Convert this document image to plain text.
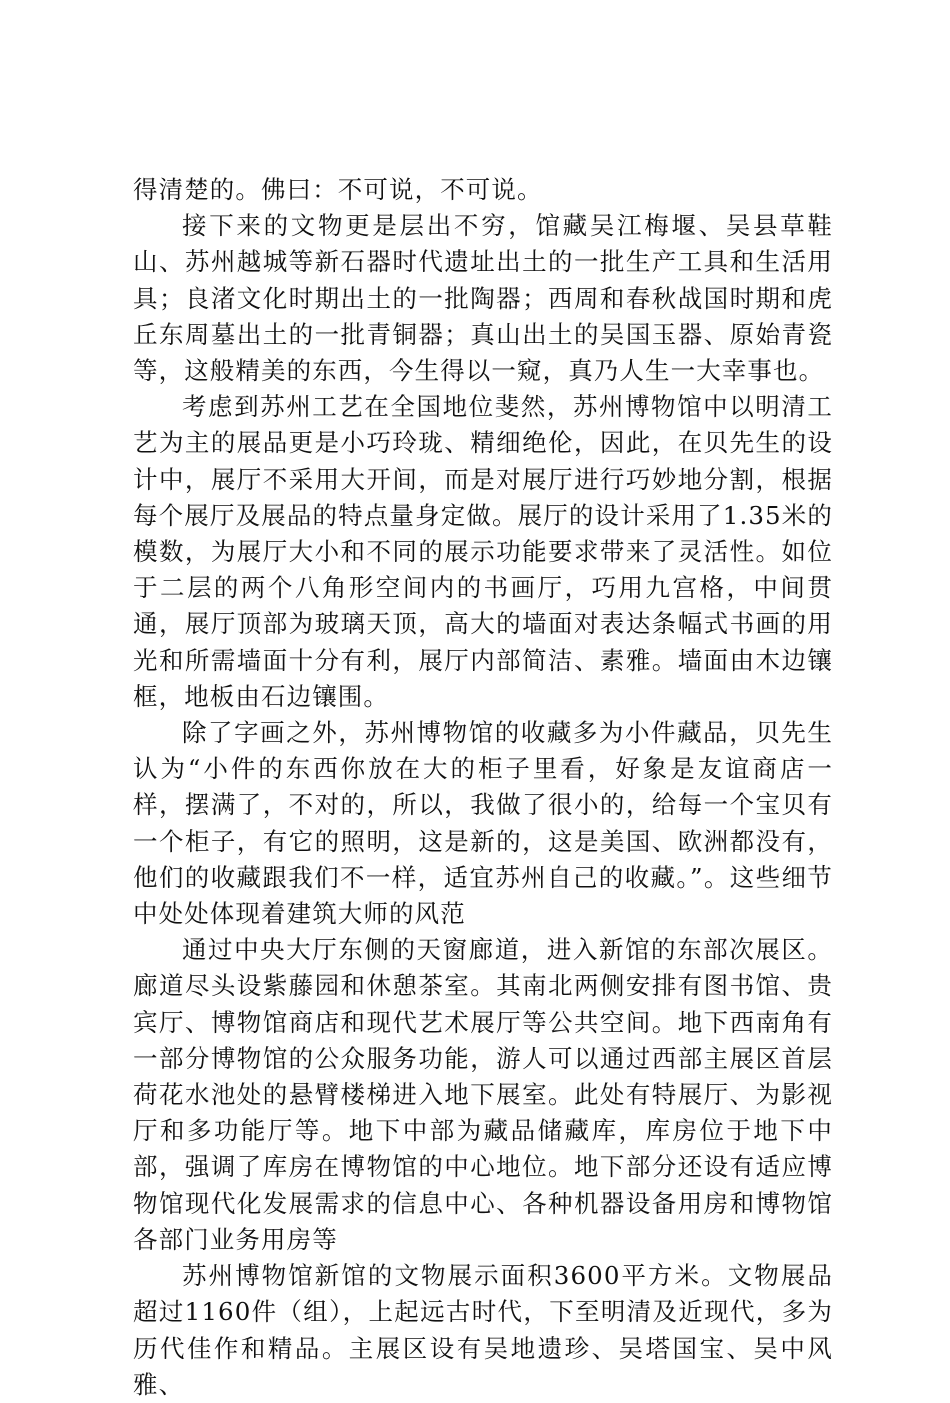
得清楚的。佛曰：不可说，不可说。

接下来的文物更是层出不穷，馆藏吴江梅堰、吴县草鞋山、苏州越城等新石器时代遗址出土的一批生产工具和生活用具；良渚文化时期出土的一批陶器；西周和春秋战国时期和虎丘东周墓出土的一批青铜器；真山出土的吴国玉器、原始青瓷等，这般精美的东西，今生得以一窥，真乃人生一大幸事也。

考虑到苏州工艺在全国地位斐然，苏州博物馆中以明清工艺为主的展品更是小巧玲珑、精细绝伦，因此，在贝先生的设计中，展厅不采用大开间，而是对展厅进行巧妙地分割，根据每个展厅及展品的特点量身定做。展厅的设计采用了1.35米的模数，为展厅大小和不同的展示功能要求带来了灵活性。如位于二层的两个八角形空间内的书画厅，巧用九宫格，中间贯通，展厅顶部为玻璃天顶，高大的墙面对表达条幅式书画的用光和所需墙面十分有利，展厅内部简洁、素雅。墙面由木边镶框，地板由石边镶围。

除了字画之外，苏州博物馆的收藏多为小件藏品，贝先生认为“小件的东西你放在大的柜子里看，好象是友谊商店一样，摆满了，不对的，所以，我做了很小的，给每一个宝贝有一个柜子，有它的照明，这是新的，这是美国、欧洲都没有，他们的收藏跟我们不一样，适宜苏州自己的收藏。”。这些细节中处处体现着建筑大师的风范

通过中央大厅东侧的天窗廊道，进入新馆的东部次展区。廊道尽头设紫藤园和休憩茶室。其南北两侧安排有图书馆、贵宾厅、博物馆商店和现代艺术展厅等公共空间。地下西南角有一部分博物馆的公众服务功能，游人可以通过西部主展区首层荷花水池处的悬臂楼梯进入地下展室。此处有特展厅、为影视厅和多功能厅等。地下中部为藏品储藏库，库房位于地下中部，强调了库房在博物馆的中心地位。地下部分还设有适应博物馆现代化发展需求的信息中心、各种机器设备用房和博物馆各部门业务用房等

苏州博物馆新馆的文物展示面积3600平方米。文物展品超过1160件（组），上起远古时代，下至明清及近现代，多为历代佳作和精品。主展区设有吴地遗珍、吴塔国宝、吴中风雅、
